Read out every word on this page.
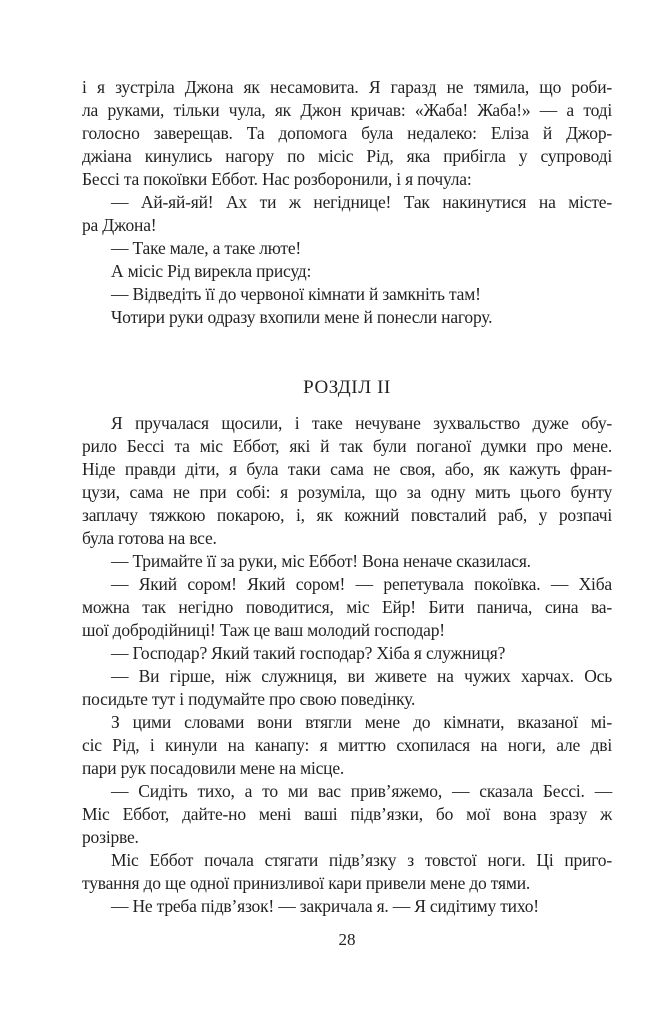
і я зустріла Джона як несамовита. Я гаразд не тямила, що роби-
ла руками, тільки чула, як Джон кричав: «Жаба! Жаба!» — а тоді
голосно заверещав. Та допомога була недалеко: Еліза й Джор-
джіана кинулись нагору по місіс Рід, яка прибігла у супроводі
Бессі та покоївки Еббот. Нас розборонили, і я почула:
— Ай-яй-яй! Ах ти ж негіднице! Так накинутися на місте-
ра Джона!
— Таке мале, а таке люте!
А місіс Рід вирекла присуд:
— Відведіть її до червоної кімнати й замкніть там!
Чотири руки одразу вхопили мене й понесли нагору.
РОЗДІЛ II
Я пручалася щосили, і таке нечуване зухвальство дуже обу-
рило Бессі та міс Еббот, які й так були поганої думки про мене.
Ніде правди діти, я була таки сама не своя, або, як кажуть фран-
цузи, сама не при собі: я розуміла, що за одну мить цього бунту
заплачу тяжкою покарою, і, як кожний повсталий раб, у розпачі
була готова на все.
— Тримайте її за руки, міс Еббот! Вона неначе сказилася.
— Який сором! Який сором! — репетувала покоївка. — Хіба
можна так негідно поводитися, міс Ейр! Бити панича, сина ва-
шої добродійниці! Таж це ваш молодий господар!
— Господар? Який такий господар? Хіба я служниця?
— Ви гірше, ніж служниця, ви живете на чужих харчах. Ось
посидьте тут і подумайте про свою поведінку.
З цими словами вони втягли мене до кімнати, вказаної мі-
сіс Рід, і кинули на канапу: я миттю схопилася на ноги, але дві
пари рук посадовили мене на місце.
— Сидіть тихо, а то ми вас прив’яжемо, — сказала Бессі. —
Міс Еббот, дайте-но мені ваші підв’язки, бо мої вона зразу ж
розірве.
Міс Еббот почала стягати підв’язку з товстої ноги. Ці приго-
тування до ще одної принизливої кари привели мене до тями.
— Не треба підв’язок! — закричала я. — Я сидітиму тихо!
28
